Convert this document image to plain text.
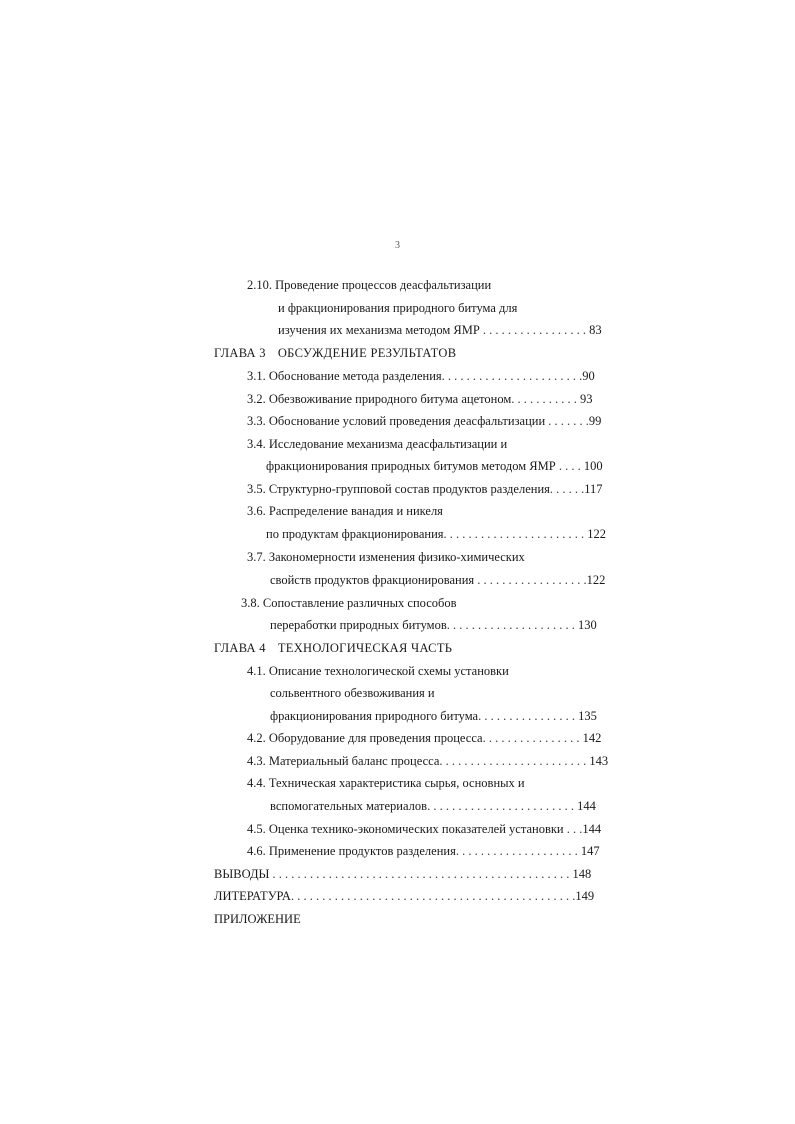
3
2.10. Проведение процессов деасфальтизации
и фракционирования природного битума для
изучения их механизма методом ЯМР . . . . . . . . . . . . . . . . . 83
ГЛАВА 3 ОБСУЖДЕНИЕ РЕЗУЛЬТАТОВ
3.1. Обоснование метода разделения. . . . . . . . . . . . . . . . . . . . . . .90
3.2. Обезвоживание природного битума ацетоном. . . . . . . . . . . 93
3.3. Обоснование условий проведения деасфальтизации . . . . . . .99
3.4. Исследование механизма деасфальтизации и
фракционирования природных битумов методом ЯМР . . . . 100
3.5. Структурно-групповой состав продуктов разделения. . . . . .117
3.6. Распределение ванадия и никеля
по продуктам фракционирования. . . . . . . . . . . . . . . . . . . . . . . 122
3.7. Закономерности изменения физико-химических
свойств продуктов фракционирования . . . . . . . . . . . . . . . . . .122
3.8. Сопоставление различных способов
переработки природных битумов. . . . . . . . . . . . . . . . . . . . . 130
ГЛАВА 4 ТЕХНОЛОГИЧЕСКАЯ ЧАСТЬ
4.1. Описание технологической схемы установки
сольвентного обезвоживания и
фракционирования природного битума. . . . . . . . . . . . . . . . 135
4.2. Оборудование для проведения процесса. . . . . . . . . . . . . . . . 142
4.3. Материальный баланс процесса. . . . . . . . . . . . . . . . . . . . . . . . 143
4.4. Техническая характеристика сырья, основных и
вспомогательных материалов. . . . . . . . . . . . . . . . . . . . . . . . 144
4.5. Оценка технико-экономических показателей установки . . .144
4.6. Применение продуктов разделения. . . . . . . . . . . . . . . . . . . . 147
ВЫВОДЫ . . . . . . . . . . . . . . . . . . . . . . . . . . . . . . . . . . . . . . . . . . . . . . . . 148
ЛИТЕРАТУРА. . . . . . . . . . . . . . . . . . . . . . . . . . . . . . . . . . . . . . . . . . . . . .149
ПРИЛОЖЕНИЕ
